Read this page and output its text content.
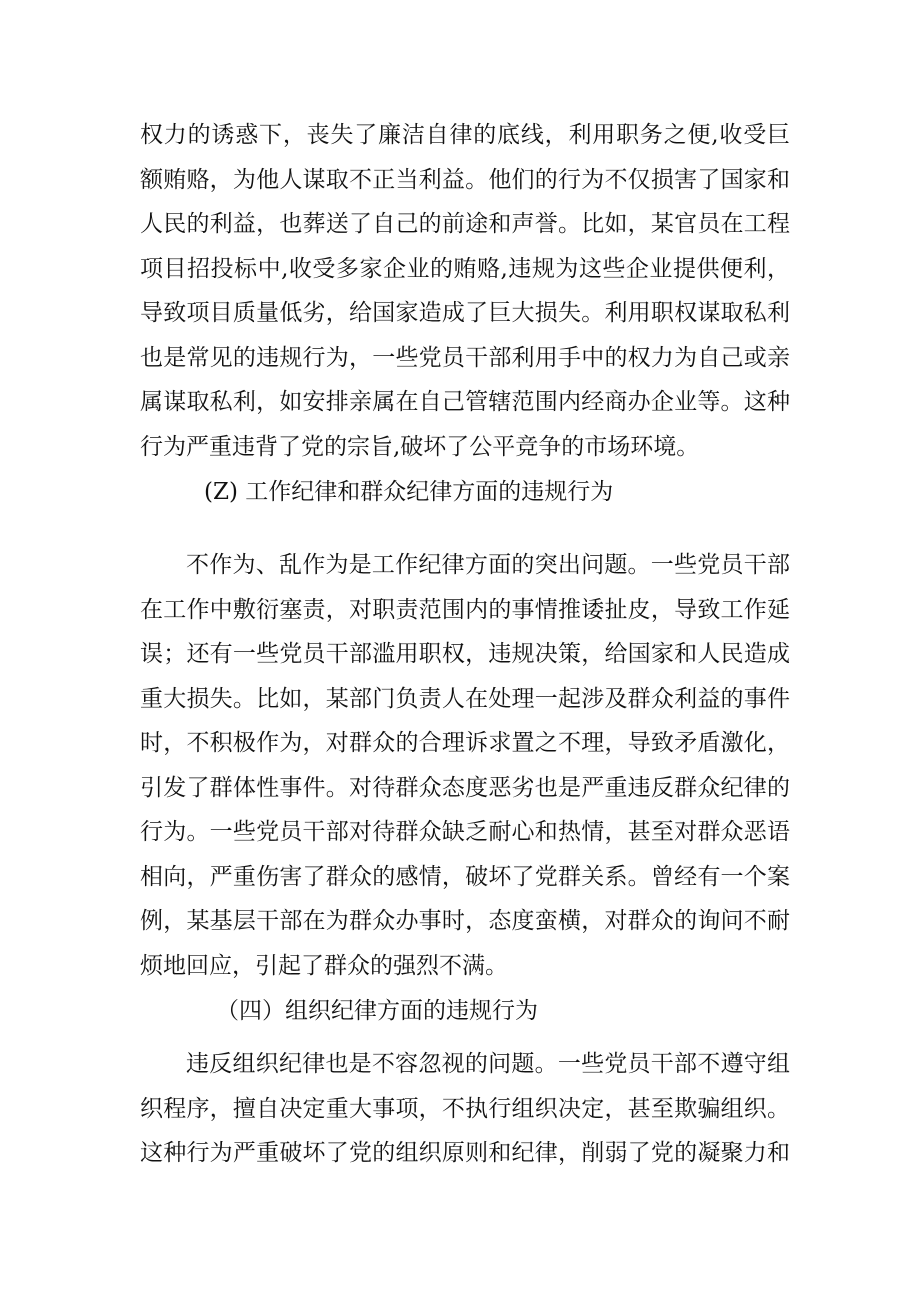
权力的诱惑下，丧失了廉洁自律的底线，利用职务之便,收受巨
额贿赂，为他人谋取不正当利益。他们的行为不仅损害了国家和
人民的利益，也葬送了自己的前途和声誉。比如，某官员在工程
项目招投标中,收受多家企业的贿赂,违规为这些企业提供便利，
导致项目质量低劣，给国家造成了巨大损失。利用职权谋取私利
也是常见的违规行为，一些党员干部利用手中的权力为自己或亲
属谋取私利，如安排亲属在自己管辖范围内经商办企业等。这种
行为严重违背了党的宗旨,破坏了公平竞争的市场环境。
(Z) 工作纪律和群众纪律方面的违规行为
不作为、乱作为是工作纪律方面的突出问题。一些党员干部
在工作中敷衍塞责，对职责范围内的事情推诿扯皮，导致工作延
误；还有一些党员干部滥用职权，违规决策，给国家和人民造成
重大损失。比如，某部门负责人在处理一起涉及群众利益的事件
时，不积极作为，对群众的合理诉求置之不理，导致矛盾激化，
引发了群体性事件。对待群众态度恶劣也是严重违反群众纪律的
行为。一些党员干部对待群众缺乏耐心和热情，甚至对群众恶语
相向，严重伤害了群众的感情，破坏了党群关系。曾经有一个案
例，某基层干部在为群众办事时，态度蛮横，对群众的询问不耐
烦地回应，引起了群众的强烈不满。
（四）组织纪律方面的违规行为
违反组织纪律也是不容忽视的问题。一些党员干部不遵守组
织程序，擅自决定重大事项，不执行组织决定，甚至欺骗组织。
这种行为严重破坏了党的组织原则和纪律，削弱了党的凝聚力和
